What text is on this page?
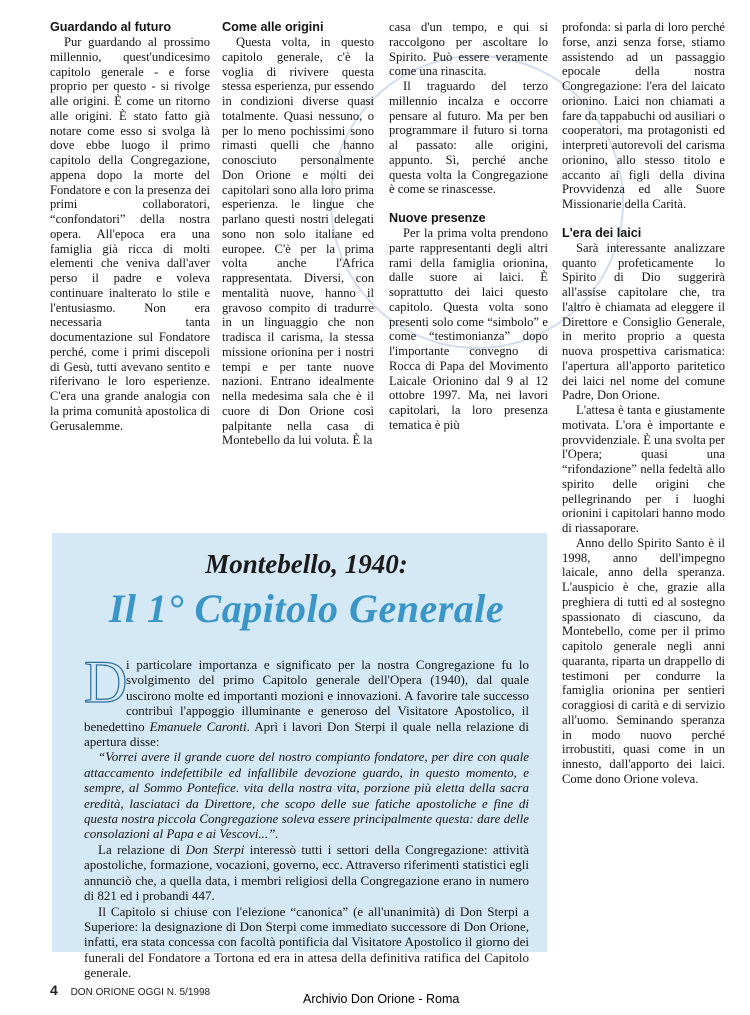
Guardando al futuro

Pur guardando al prossimo millennio, quest'undicesimo capitolo generale - e forse proprio per questo - si rivolge alle origini. È come un ritorno alle origini. È stato fatto già notare come esso si svolga là dove ebbe luogo il primo capitolo della Congregazione, appena dopo la morte del Fondatore e con la presenza dei primi collaboratori, “confondatori” della nostra opera. All'epoca era una famiglia già ricca di molti elementi che veniva dall'aver perso il padre e voleva continuare inalterato lo stile e l'entusiasmo. Non era necessaria tanta documentazione sul Fondatore perché, come i primi discepoli di Gesù, tutti avevano sentito e riferivano le loro esperienze. C'era una grande analogia con la prima comunità apostolica di Gerusalemme.

Come alle origini

Questa volta, in questo capitolo generale, c'è la voglia di rivivere questa stessa esperienza, pur essendo in condizioni diverse quasi totalmente. Quasi nessuno, o per lo meno pochissimi sono rimasti quelli che hanno conosciuto personalmente Don Orione e molti dei capitolari sono alla loro prima esperienza. le lingue che parlano questi nostri delegati sono non solo italiane ed europee. C'è per la prima volta anche l'Africa rappresentata. Diversi, con mentalità nuove, hanno il gravoso compito di tradurre in un linguaggio che non tradisca il carisma, la stessa missione orionina per i nostri tempi e per tante nuove nazioni. Entrano idealmente nella medesima sala che è il cuore di Don Orione così palpitante nella casa di Montebello da lui voluta. È la

casa d'un tempo, e qui si raccolgono per ascoltare lo Spirito. Può essere veramente come una rinascita.

Il traguardo del terzo millennio incalza e occorre pensare al futuro. Ma per ben programmare il futuro si torna al passato: alle origini, appunto. Sì, perché anche questa volta la Congregazione è come se rinascesse.

Nuove presenze

Per la prima volta prendono parte rappresentanti degli altri rami della famiglia orionina, dalle suore ai laici. È soprattutto dei laici questo capitolo. Questa volta sono presenti solo come “simbolo” e come “testimonianza” dopo l'importante convegno di Rocca di Papa del Movimento Laicale Orionino dal 9 al 12 ottobre 1997. Ma, nei lavori capitolari, la loro presenza tematica è più

profonda: si parla di loro perché forse, anzi senza forse, stiamo assistendo ad un passaggio epocale della nostra Congregazione: l'era del laicato orionino. Laici non chiamati a fare da tappabuchi od ausiliari o cooperatori, ma protagonisti ed interpreti autorevoli del carisma orionino, allo stesso titolo e accanto ai figli della divina Provvidenza ed alle Suore Missionarie della Carità.

L'era dei laici

Sarà interessante analizzare quanto profeticamente lo Spirito di Dio suggerirà all'assise capitolare che, tra l'altro è chiamata ad eleggere il Direttore e Consiglio Generale, in merito proprio a questa nuova prospettiva carismatica: l'apertura all'apporto paritetico dei laici nel nome del comune Padre, Don Orione.

L'attesa è tanta e giustamente motivata. L'ora è importante e provvidenziale. È una svolta per l'Opera; quasi una “rifondazione” nella fedeltà allo spirito delle origini che pellegrinando per i luoghi orionini i capitolari hanno modo di riassaporare.

Anno dello Spirito Santo è il 1998, anno dell'impegno laicale, anno della speranza. L'auspicio è che, grazie alla preghiera di tutti ed al sostegno spassionato di ciascuno, da Montebello, come per il primo capitolo generale negli anni quaranta, riparta un drappello di testimoni per condurre la famiglia orionina per sentieri coraggiosi di carità e di servizio all'uomo. Seminando speranza in modo nuovo perché irrobustiti, quasi come in un innesto, dall'apporto dei laici. Come dono Orione voleva.

Montebello, 1940:
Il 1° Capitolo Generale

D
i particolare importanza e significato per la nostra Congregazione fu lo svolgimento del primo Capitolo generale dell'Opera (1940), dal quale uscirono molte ed importanti mozioni e innovazioni. A favorire tale successo contribuì l'appoggio illuminante e generoso del Visitatore Apostolico, il benedettino Emanuele Caronti. Aprì i lavori Don Sterpi il quale nella relazione di apertura disse:

“Vorrei avere il grande cuore del nostro compianto fondatore, per dire con quale attaccamento indefettibile ed infallibile devozione guardo, in questo momento, e sempre, al Sommo Pontefice. vita della nostra vita, porzione più eletta della sacra eredità, lasciataci da Direttore, che scopo delle sue fatiche apostoliche e fine di questa nostra piccola Congregazione soleva essere principalmente questa: dare delle consolazioni al Papa e ai Vescovi...”.

La relazione di Don Sterpi interessò tutti i settori della Congregazione: attività apostoliche, formazione, vocazioni, governo, ecc. Attraverso riferimenti statistici egli annunciò che, a quella data, i membri religiosi della Congregazione erano in numero di 821 ed i probandi 447.

Il Capitolo si chiuse con l'elezione “canonica” (e all'unanimità) di Don Sterpi a Superiore: la designazione di Don Sterpi come immediato successore di Don Orione, infatti, era stata concessa con facoltà pontificia dal Visitatore Apostolico il giorno dei funerali del Fondatore a Tortona ed era in attesa della definitiva ratifica del Capitolo generale.

4 DON ORIONE OGGI N. 5/1998	Archivio Don Orione - Roma
